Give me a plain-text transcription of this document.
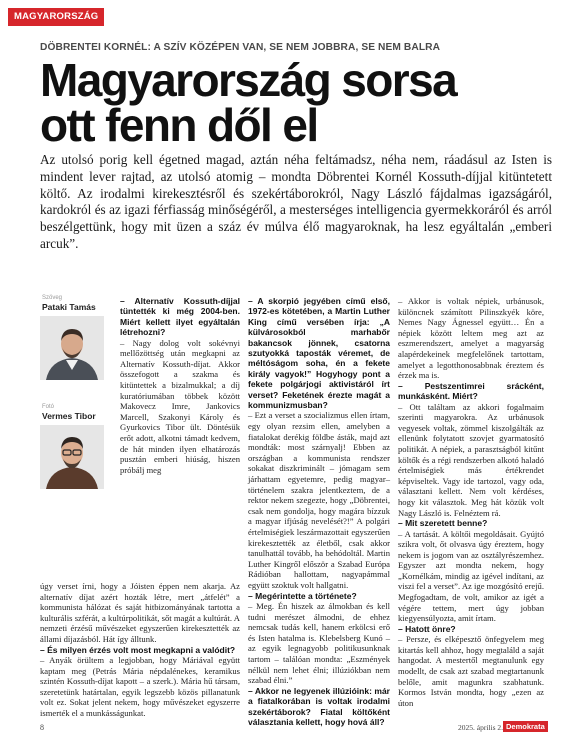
MAGYARORSZÁG
DÖBRENTEI KORNÉL: A SZÍV KÖZÉPEN VAN, SE NEM JOBBRA, SE NEM BALRA
Magyarország sorsa
ott fenn dől el

Az utolsó porig kell égetned magad, aztán néha feltámadsz, néha nem, ráadásul az Isten is mindent lever rajtad, az utolsó atomig – mondta Döbrentei Kornél Kossuth-díjjal kitüntetett költő. Az irodalmi kirekesztésről és szekértáborokról, Nagy László fájdalmas igazságáról, kardokról és az igazi férfiasság minőségéről, a mesterséges intelligencia gyermekkoráról és arról beszélgettünk, hogy mit üzen a száz év múlva élő magyaroknak, ha lesz egyáltalán „emberi arcuk”.

Szöveg
Pataki Tamás
Fotó
Vermes Tibor

– Alternatív Kossuth-díjjal tüntették ki még 2004-ben. Miért kellett ilyet egyáltalán létrehozni?

– Nagy dolog volt sokévnyi mellőzöttség után megkapni az Alternatív Kossuth-díjat. Akkor összefogott a szakma és kitüntettek a bizalmukkal; a díj kuratóriumában többek között Makovecz Imre, Jankovics Marcell, Szakonyi Károly és Gyurkovics Tibor ült. Döntésük erőt adott, alkotni támadt kedvem, de hát minden ilyen elhatározás pusztán emberi hiúság, hiszen próbálj meg

úgy verset írni, hogy a Jóisten éppen nem akarja. Az alternatív díjat azért hozták létre, mert „átfelét” a kommunista hálózat és saját hitbizományának tartotta a kulturális szférát, a kultúrpolitikát, sőt magát a kultúrát. A nemzeti érzésű művészeket egyszerűen kirekesztették az állami díjazásból. Hát így álltunk.

– És milyen érzés volt most megkapni a valódit?

– Anyák örültem a legjobban, hogy Máriával együtt kaptam meg (Petrás Mária népdalénekes, keramikus szintén Kossuth-díjat kapott – a szerk.). Mária hű társam, szeretetünk határtalan, egyik legszebb közös pillanatunk volt ez. Sokat jelent nekem, hogy művészeket egyszerre ismerték el a munkásságunkat.

– A skorpió jegyében című első, 1972-es kötetében, a Martin Luther King című versében írja: „A külvárosokból marhabőr bakancsok jönnek, csatorna szutyokká taposták véremet, de méltóságom soha, én a fekete király vagyok!” Hogyhogy pont a fekete polgárjogi aktivistáról írt verset? Feketének érezte magát a kommunizmusban?

– Ezt a verset a szocializmus ellen írtam, egy olyan rezsim ellen, amelyben a fiatalokat derékig földbe ásták, majd azt mondták: most szárnyalj! Ebben az országban a kommunista rendszer sokakat diszkriminált – jómagam sem járhattam egyetemre, pedig magyar–történelem szakra jelentkeztem, de a rektor nekem szegezte, hogy „Döbrentei, csak nem gondolja, hogy magára bízzuk a magyar ifjúság nevelését?!” A polgári értelmiségiek leszármazottait egyszerűen kirekesztették az életből, csak akkor tanulhattál tovább, ha behódoltál. Martin Luther Kingről először a Szabad Európa Rádióban hallottam, nagyapámmal együtt szoktuk volt hallgatni.

– Megérintette a története?

– Meg. Én hiszek az álmokban és kell tudni merészet álmodni, de ehhez nemcsak tudás kell, hanem erkölcsi erő és Isten hatalma is. Klebelsberg Kunó – az egyik legnagyobb politikusunknak tartom – találóan mondta: „Eszmények nélkül nem lehet élni; illúziókban nem szabad élni.”

– Akkor ne legyenek illúzióink: már a fiatalkorában is voltak irodalmi szekértáborok? Fiatal költőként választania kellett, hogy hová áll?

– Akkor is voltak népiek, urbánusok, különcnek számított Pilinszkyék köre, Nemes Nagy Ágnessel együtt… Én a népiek között leltem meg azt az eszmerendszert, amelyet a magyarság alapérdekeinek megfelelőnek tartottam, amelyet a legotthonosabbnak éreztem és érzek ma is.

– Pestszentimrei srácként, munkásként. Miért?

– Ott találtam az akkori fogalmaim szerinti magyarokra. Az urbánusok vegyesek voltak, zömmel kiszolgálták az ellenünk folytatott szovjet gyarmatosító politikát. A népiek, a parasztságból kitűnt költők és a régi rendszerben alkotó haladó értelmiségiek más értékrendet képviseltek. Vagy ide tartozol, vagy oda, választani kellett. Nem volt kérdéses, hogy kit választok. Meg hát közük volt Nagy László is. Felnéztem rá.

– Mit szeretett benne?

– A tartását. A költői megoldásait. Gyújtó szikra volt, őt olvasva úgy éreztem, hogy nekem is jogom van az osztályrészemhez. Egyszer azt mondta nekem, hogy „Kornélkám, mindig az igével indítani, az viszi fel a verset”. Az ige mozgósító erejű. Megfogadtam, de volt, amikor az igét a végére tettem, mert úgy jobban kiegyensúlyozta, amit írtam.

– Hatott önre?

– Persze, és elképesztő önfegyelem meg kitartás kell ahhoz, hogy megtaláld a saját hangodat. A mestertől megtanulunk egy modellt, de csak azt szabad megtartanunk belőle, amit magunkra szabhatunk. Kormos István mondta, hogy „ezen az úton

8	2025. április 2. Demokrata
